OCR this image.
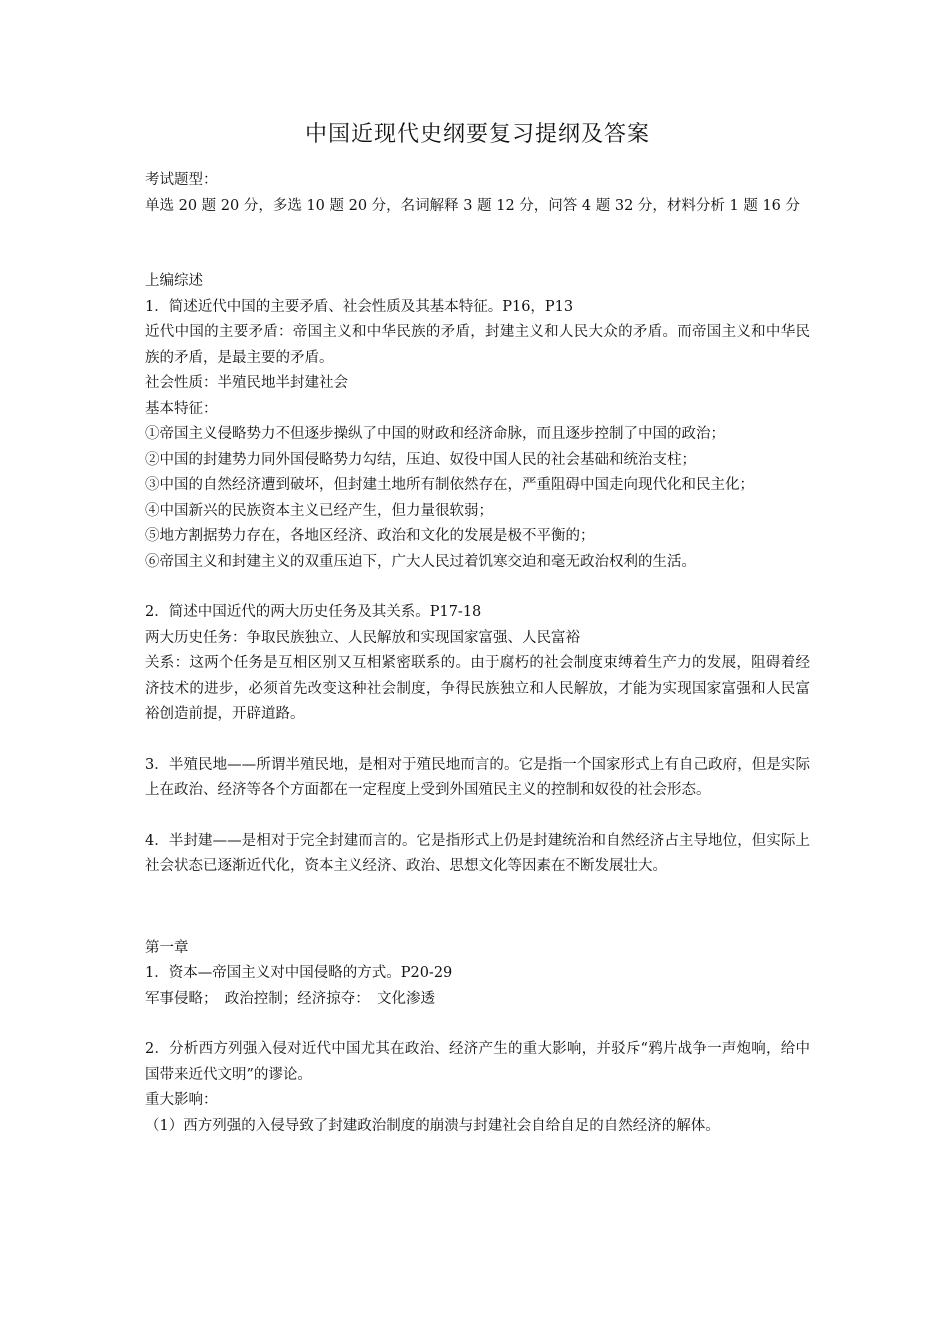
中国近现代史纲要复习提纲及答案

考试题型：

单选 20 题 20 分，多选 10 题 20 分，名词解释 3 题 12 分，问答 4 题 32 分，材料分析 1 题 16 分

上编综述

1．简述近代中国的主要矛盾、社会性质及其基本特征。P16，P13

近代中国的主要矛盾：帝国主义和中华民族的矛盾，封建主义和人民大众的矛盾。而帝国主义和中华民族的矛盾，是最主要的矛盾。

社会性质：半殖民地半封建社会

基本特征：

①帝国主义侵略势力不但逐步操纵了中国的财政和经济命脉，而且逐步控制了中国的政治；

②中国的封建势力同外国侵略势力勾结，压迫、奴役中国人民的社会基础和统治支柱；

③中国的自然经济遭到破坏，但封建土地所有制依然存在，严重阻碍中国走向现代化和民主化；

④中国新兴的民族资本主义已经产生，但力量很软弱；

⑤地方割据势力存在，各地区经济、政治和文化的发展是极不平衡的；

⑥帝国主义和封建主义的双重压迫下，广大人民过着饥寒交迫和毫无政治权利的生活。

2．简述中国近代的两大历史任务及其关系。P17-18

两大历史任务：争取民族独立、人民解放和实现国家富强、人民富裕

关系：这两个任务是互相区别又互相紧密联系的。由于腐朽的社会制度束缚着生产力的发展，阻碍着经济技术的进步，必须首先改变这种社会制度，争得民族独立和人民解放，才能为实现国家富强和人民富裕创造前提，开辟道路。

3．半殖民地——所谓半殖民地，是相对于殖民地而言的。它是指一个国家形式上有自己政府，但是实际上在政治、经济等各个方面都在一定程度上受到外国殖民主义的控制和奴役的社会形态。

4．半封建——是相对于完全封建而言的。它是指形式上仍是封建统治和自然经济占主导地位，但实际上社会状态已逐渐近代化，资本主义经济、政治、思想文化等因素在不断发展壮大。

第一章

1．资本—帝国主义对中国侵略的方式。P20-29

军事侵略；　政治控制；经济掠夺：　文化渗透

2．分析西方列强入侵对近代中国尤其在政治、经济产生的重大影响，并驳斥“鸦片战争一声炮响，给中国带来近代文明”的谬论。

重大影响：

（1）西方列强的入侵导致了封建政治制度的崩溃与封建社会自给自足的自然经济的解体。
